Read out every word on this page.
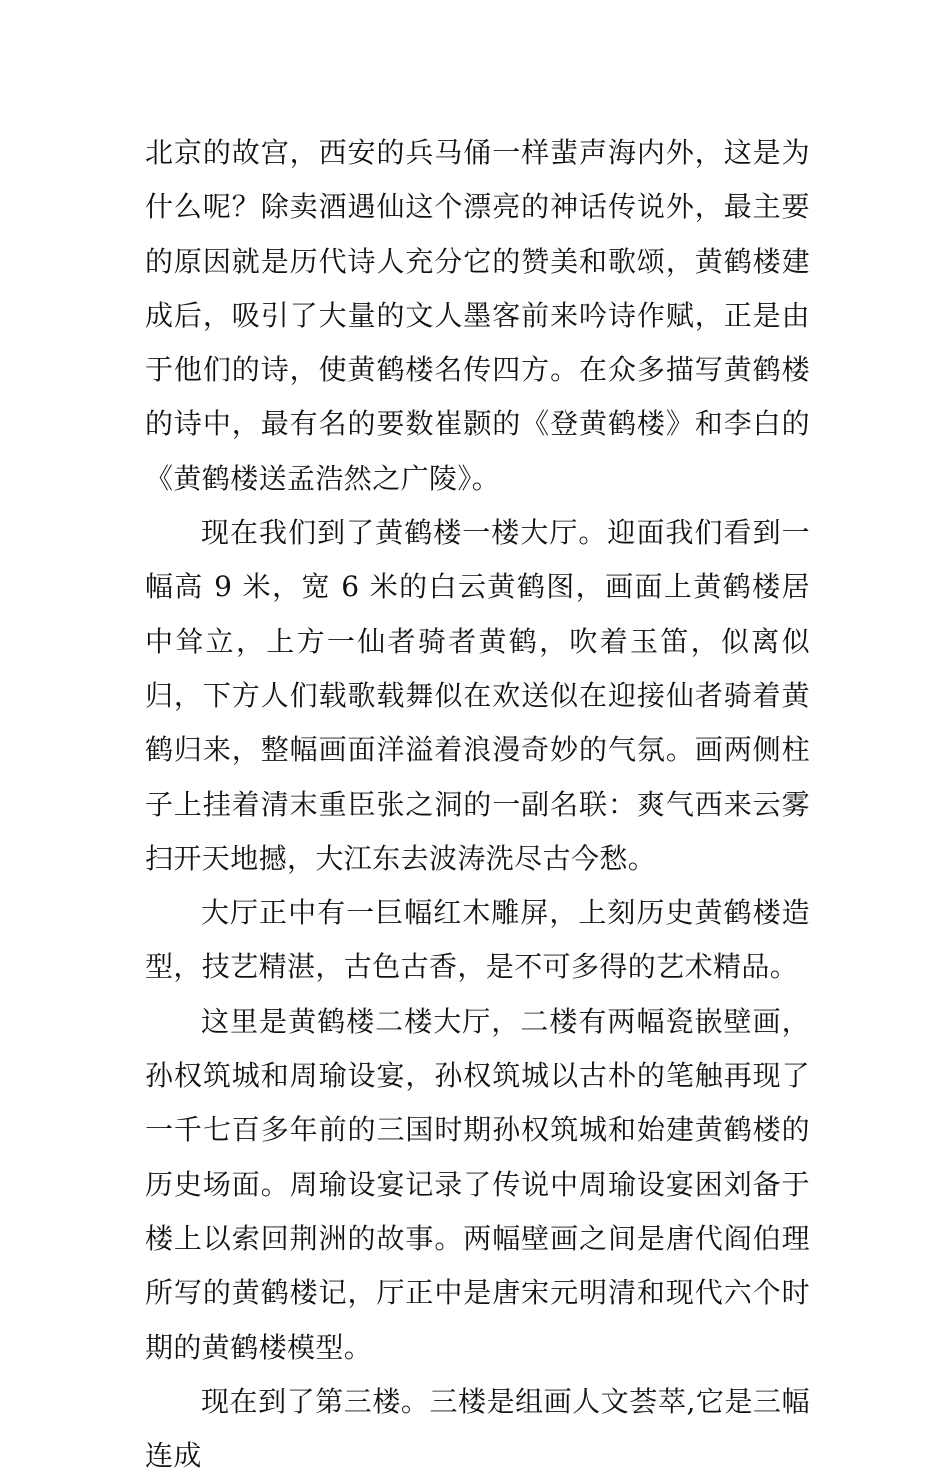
北京的故宫，西安的兵马俑一样蜚声海内外，这是为什么呢？除卖酒遇仙这个漂亮的神话传说外，最主要的原因就是历代诗人充分它的赞美和歌颂，黄鹤楼建成后，吸引了大量的文人墨客前来吟诗作赋，正是由于他们的诗，使黄鹤楼名传四方。在众多描写黄鹤楼的诗中，最有名的要数崔颢的《登黄鹤楼》和李白的《黄鹤楼送孟浩然之广陵》。

现在我们到了黄鹤楼一楼大厅。迎面我们看到一幅高 9 米，宽 6 米的白云黄鹤图，画面上黄鹤楼居中耸立，上方一仙者骑者黄鹤，吹着玉笛，似离似归，下方人们载歌载舞似在欢送似在迎接仙者骑着黄鹤归来，整幅画面洋溢着浪漫奇妙的气氛。画两侧柱子上挂着清末重臣张之洞的一副名联：爽气西来云雾扫开天地撼，大江东去波涛洗尽古今愁。

大厅正中有一巨幅红木雕屏，上刻历史黄鹤楼造型，技艺精湛，古色古香，是不可多得的艺术精品。

这里是黄鹤楼二楼大厅，二楼有两幅瓷嵌壁画，孙权筑城和周瑜设宴，孙权筑城以古朴的笔触再现了一千七百多年前的三国时期孙权筑城和始建黄鹤楼的历史场面。周瑜设宴记录了传说中周瑜设宴困刘备于楼上以索回荆洲的故事。两幅壁画之间是唐代阎伯理所写的黄鹤楼记，厅正中是唐宋元明清和现代六个时期的黄鹤楼模型。

现在到了第三楼。三楼是组画人文荟萃,它是三幅连成
